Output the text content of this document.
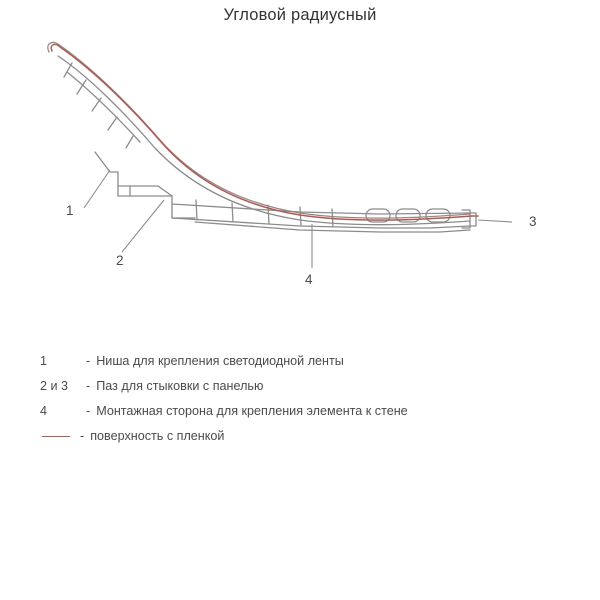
Угловой радиусный
1
2
3
4
1	- Ниша для крепления светодиодной ленты
2 и 3	- Паз для стыковки с панелью
4	- Монтажная сторона для крепления элемента к стене
- поверхность с пленкой
